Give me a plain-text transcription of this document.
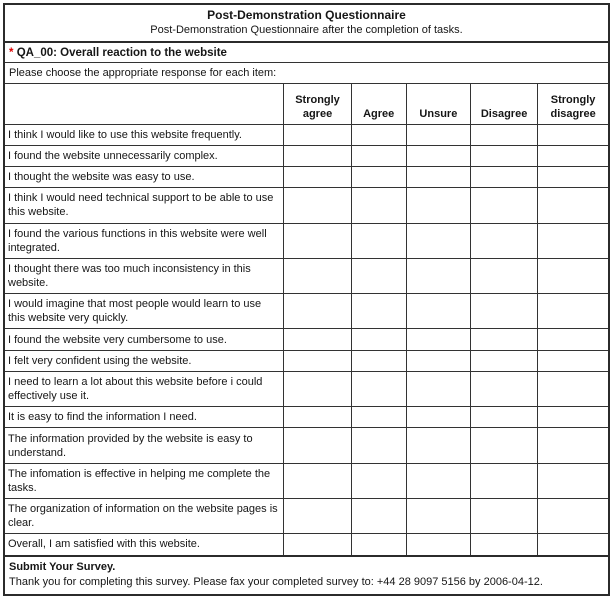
Post-Demonstration Questionnaire
Post-Demonstration Questionnaire after the completion of tasks.					

* QA_00: Overall reaction to the website					
Please choose the appropriate response for each item:					
	Strongly agree	Agree	Unsure	Disagree	Strongly disagree
I think I would like to use this website frequently.					
I found the website unnecessarily complex.					
I thought the website was easy to use.					
I think I would need technical support to be able to use this website.					
I found the various functions in this website were well integrated.					
I thought there was too much inconsistency in this website.					
I would imagine that most people would learn to use this website very quickly.					
I found the website very cumbersome to use.					
I felt very confident using the website.					
I need to learn a lot about this website before i could effectively use it.					
It is easy to find the information I need.					
The information provided by the website is easy to understand.					
The infomation is effective in helping me complete the tasks.					
The organization of information on the website pages is clear.					
Overall, I am satisfied with this website.					

Submit Your Survey.
Thank you for completing this survey. Please fax your completed survey to: +44 28 9097 5156 by 2006-04-12.					
